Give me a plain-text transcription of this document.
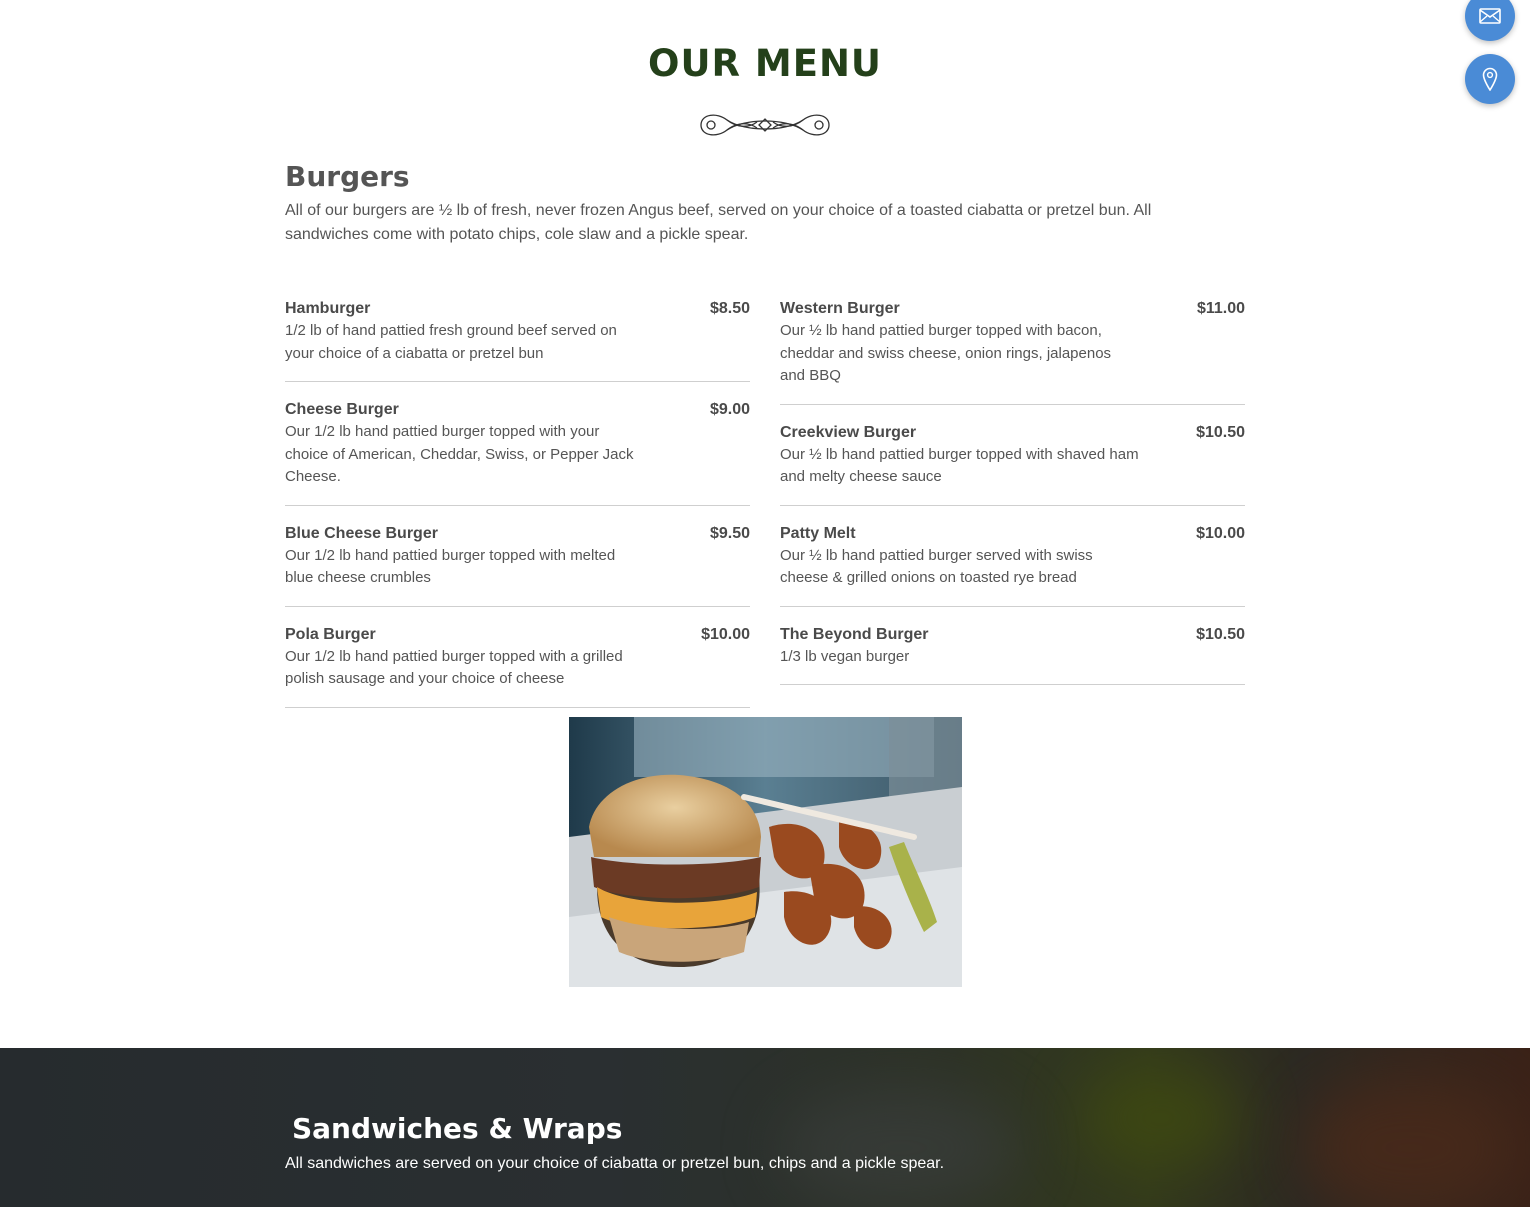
OUR MENU
Burgers
All of our burgers are ½ lb of fresh, never frozen Angus beef, served on your choice of a toasted ciabatta or pretzel bun. All sandwiches come with potato chips, cole slaw and a pickle spear.
Hamburger	$8.50
1/2 lb of hand pattied fresh ground beef served on your choice of a ciabatta or pretzel bun
Cheese Burger	$9.00
Our 1/2 lb hand pattied burger topped with your choice of American, Cheddar, Swiss, or Pepper Jack Cheese.
Blue Cheese Burger	$9.50
Our 1/2 lb hand pattied burger topped with melted blue cheese crumbles
Pola Burger	$10.00
Our 1/2 lb hand pattied burger topped with a grilled polish sausage and your choice of cheese
Western Burger	$11.00
Our ½ lb hand pattied burger topped with bacon, cheddar and swiss cheese, onion rings, jalapenos and BBQ
Creekview Burger	$10.50
Our ½ lb hand pattied burger topped with shaved ham and melty cheese sauce
Patty Melt	$10.00
Our ½ lb hand pattied burger served with swiss cheese & grilled onions on toasted rye bread
The Beyond Burger	$10.50
1/3 lb vegan burger
Sandwiches & Wraps
All sandwiches are served on your choice of ciabatta or pretzel bun, chips and a pickle spear.
